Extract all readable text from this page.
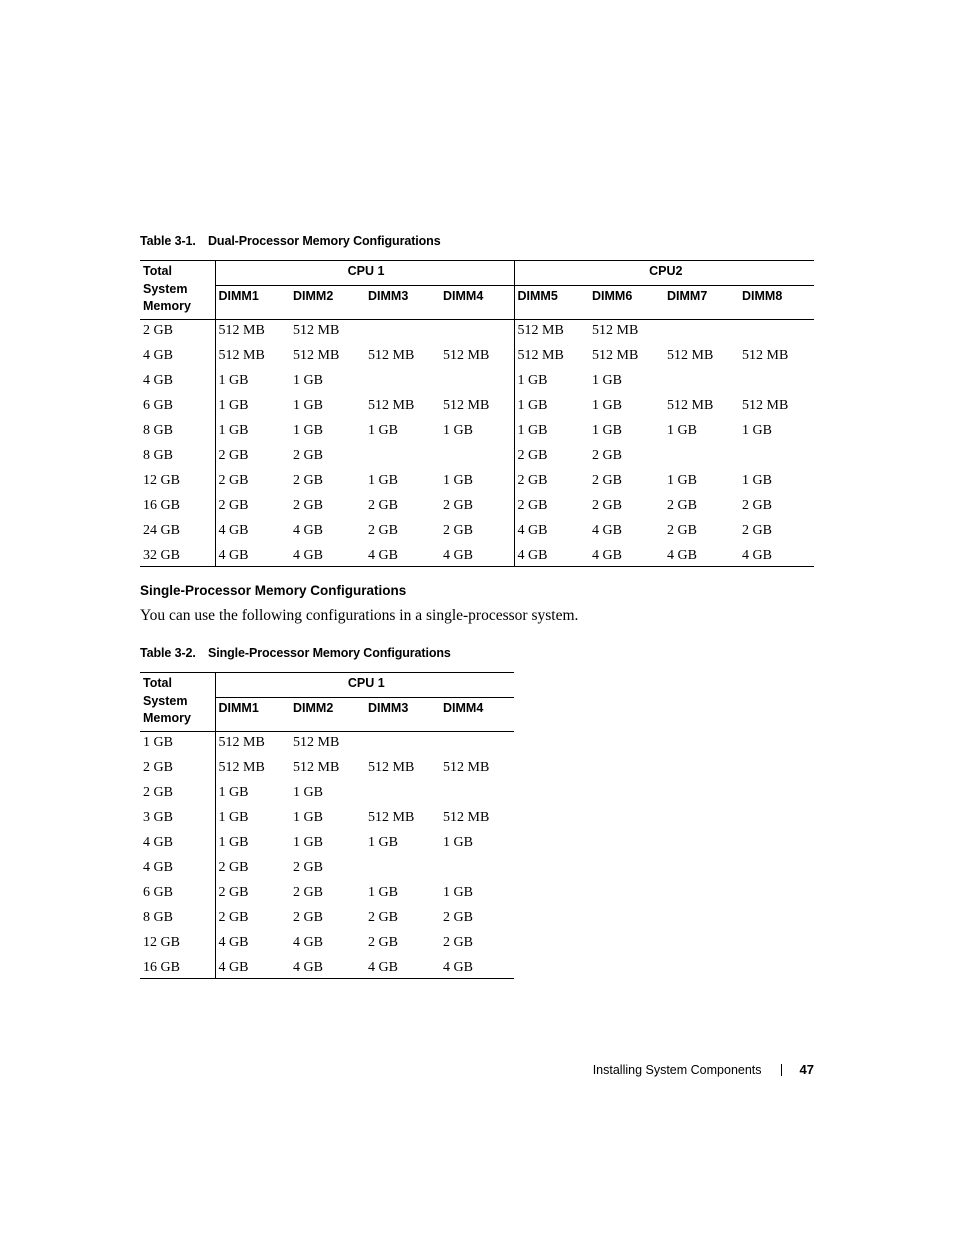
Table 3-1. Dual-Processor Memory Configurations
Total
System
Memory	CPU 1				CPU2			
	DIMM1	DIMM2	DIMM3	DIMM4	DIMM5	DIMM6	DIMM7	DIMM8
2 GB	512 MB	512 MB			512 MB	512 MB		
4 GB	512 MB	512 MB	512 MB	512 MB	512 MB	512 MB	512 MB	512 MB
4 GB	1 GB	1 GB			1 GB	1 GB		
6 GB	1 GB	1 GB	512 MB	512 MB	1 GB	1 GB	512 MB	512 MB
8 GB	1 GB	1 GB	1 GB	1 GB	1 GB	1 GB	1 GB	1 GB
8 GB	2 GB	2 GB			2 GB	2 GB		
12 GB	2 GB	2 GB	1 GB	1 GB	2 GB	2 GB	1 GB	1 GB
16 GB	2 GB	2 GB	2 GB	2 GB	2 GB	2 GB	2 GB	2 GB
24 GB	4 GB	4 GB	2 GB	2 GB	4 GB	4 GB	2 GB	2 GB
32 GB	4 GB	4 GB	4 GB	4 GB	4 GB	4 GB	4 GB	4 GB
Single-Processor Memory Configurations
You can use the following configurations in a single-processor system.
Table 3-2. Single-Processor Memory Configurations
Total
System
Memory	CPU 1			
	DIMM1	DIMM2	DIMM3	DIMM4
1 GB	512 MB	512 MB		
2 GB	512 MB	512 MB	512 MB	512 MB
2 GB	1 GB	1 GB		
3 GB	1 GB	1 GB	512 MB	512 MB
4 GB	1 GB	1 GB	1 GB	1 GB
4 GB	2 GB	2 GB		
6 GB	2 GB	2 GB	1 GB	1 GB
8 GB	2 GB	2 GB	2 GB	2 GB
12 GB	4 GB	4 GB	2 GB	2 GB
16 GB	4 GB	4 GB	4 GB	4 GB
Installing System Components	47
